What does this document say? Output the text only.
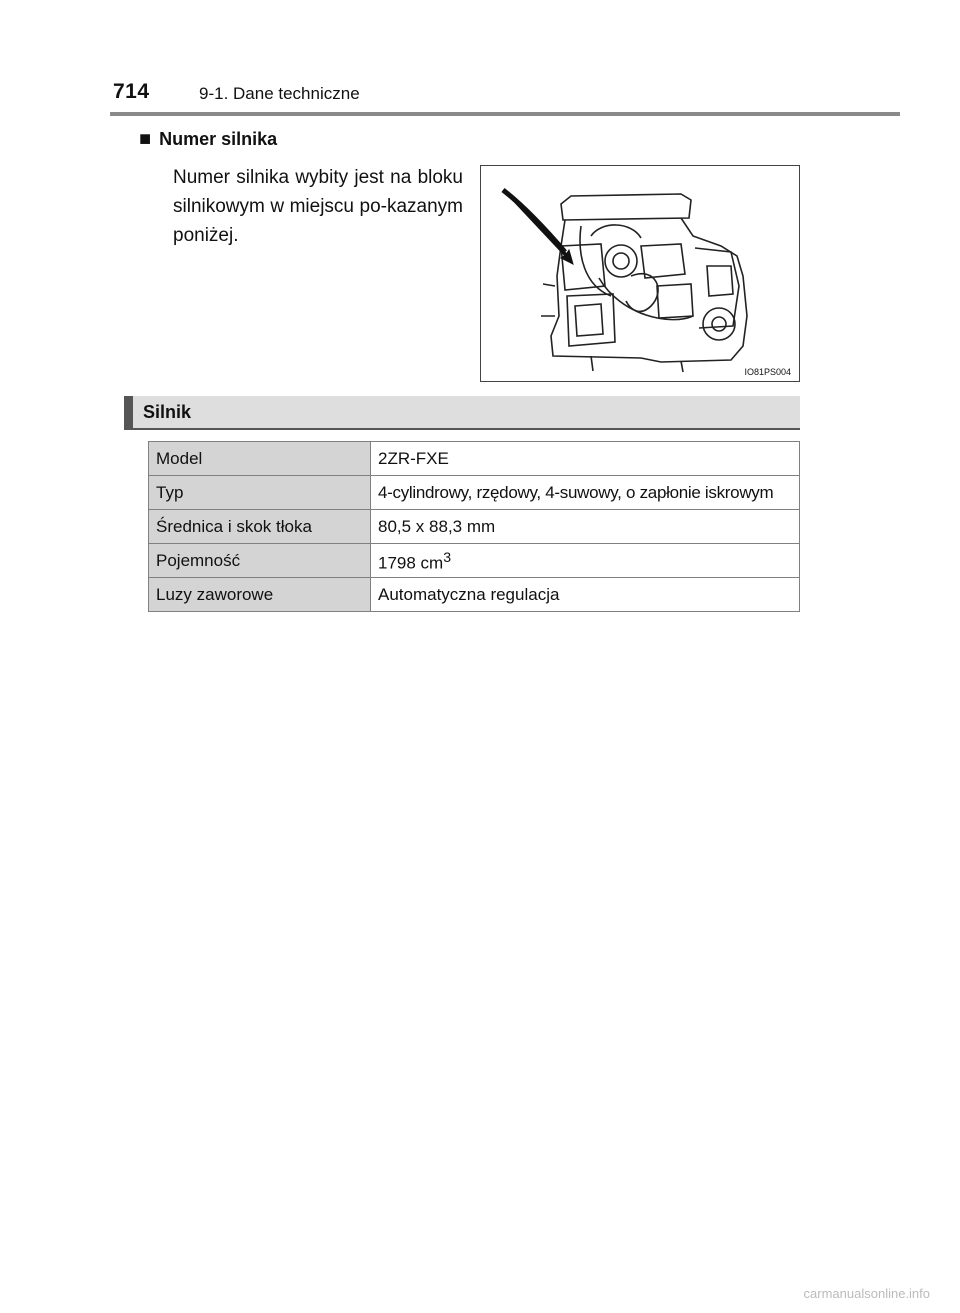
714	9-1. Dane techniczne
■ Numer silnika
Numer silnika wybity jest na bloku silnikowym w miejscu po-kazanym poniżej.
IO81PS004
Silnik
Model	2ZR-FXE
Typ	4-cylindrowy, rzędowy, 4-suwowy, o zapłonie iskrowym
Średnica i skok tłoka	80,5 x 88,3 mm
Pojemność	1798 $cm^3$
Luzy zaworowe	Automatyczna regulacja
carmanualsonline.info
